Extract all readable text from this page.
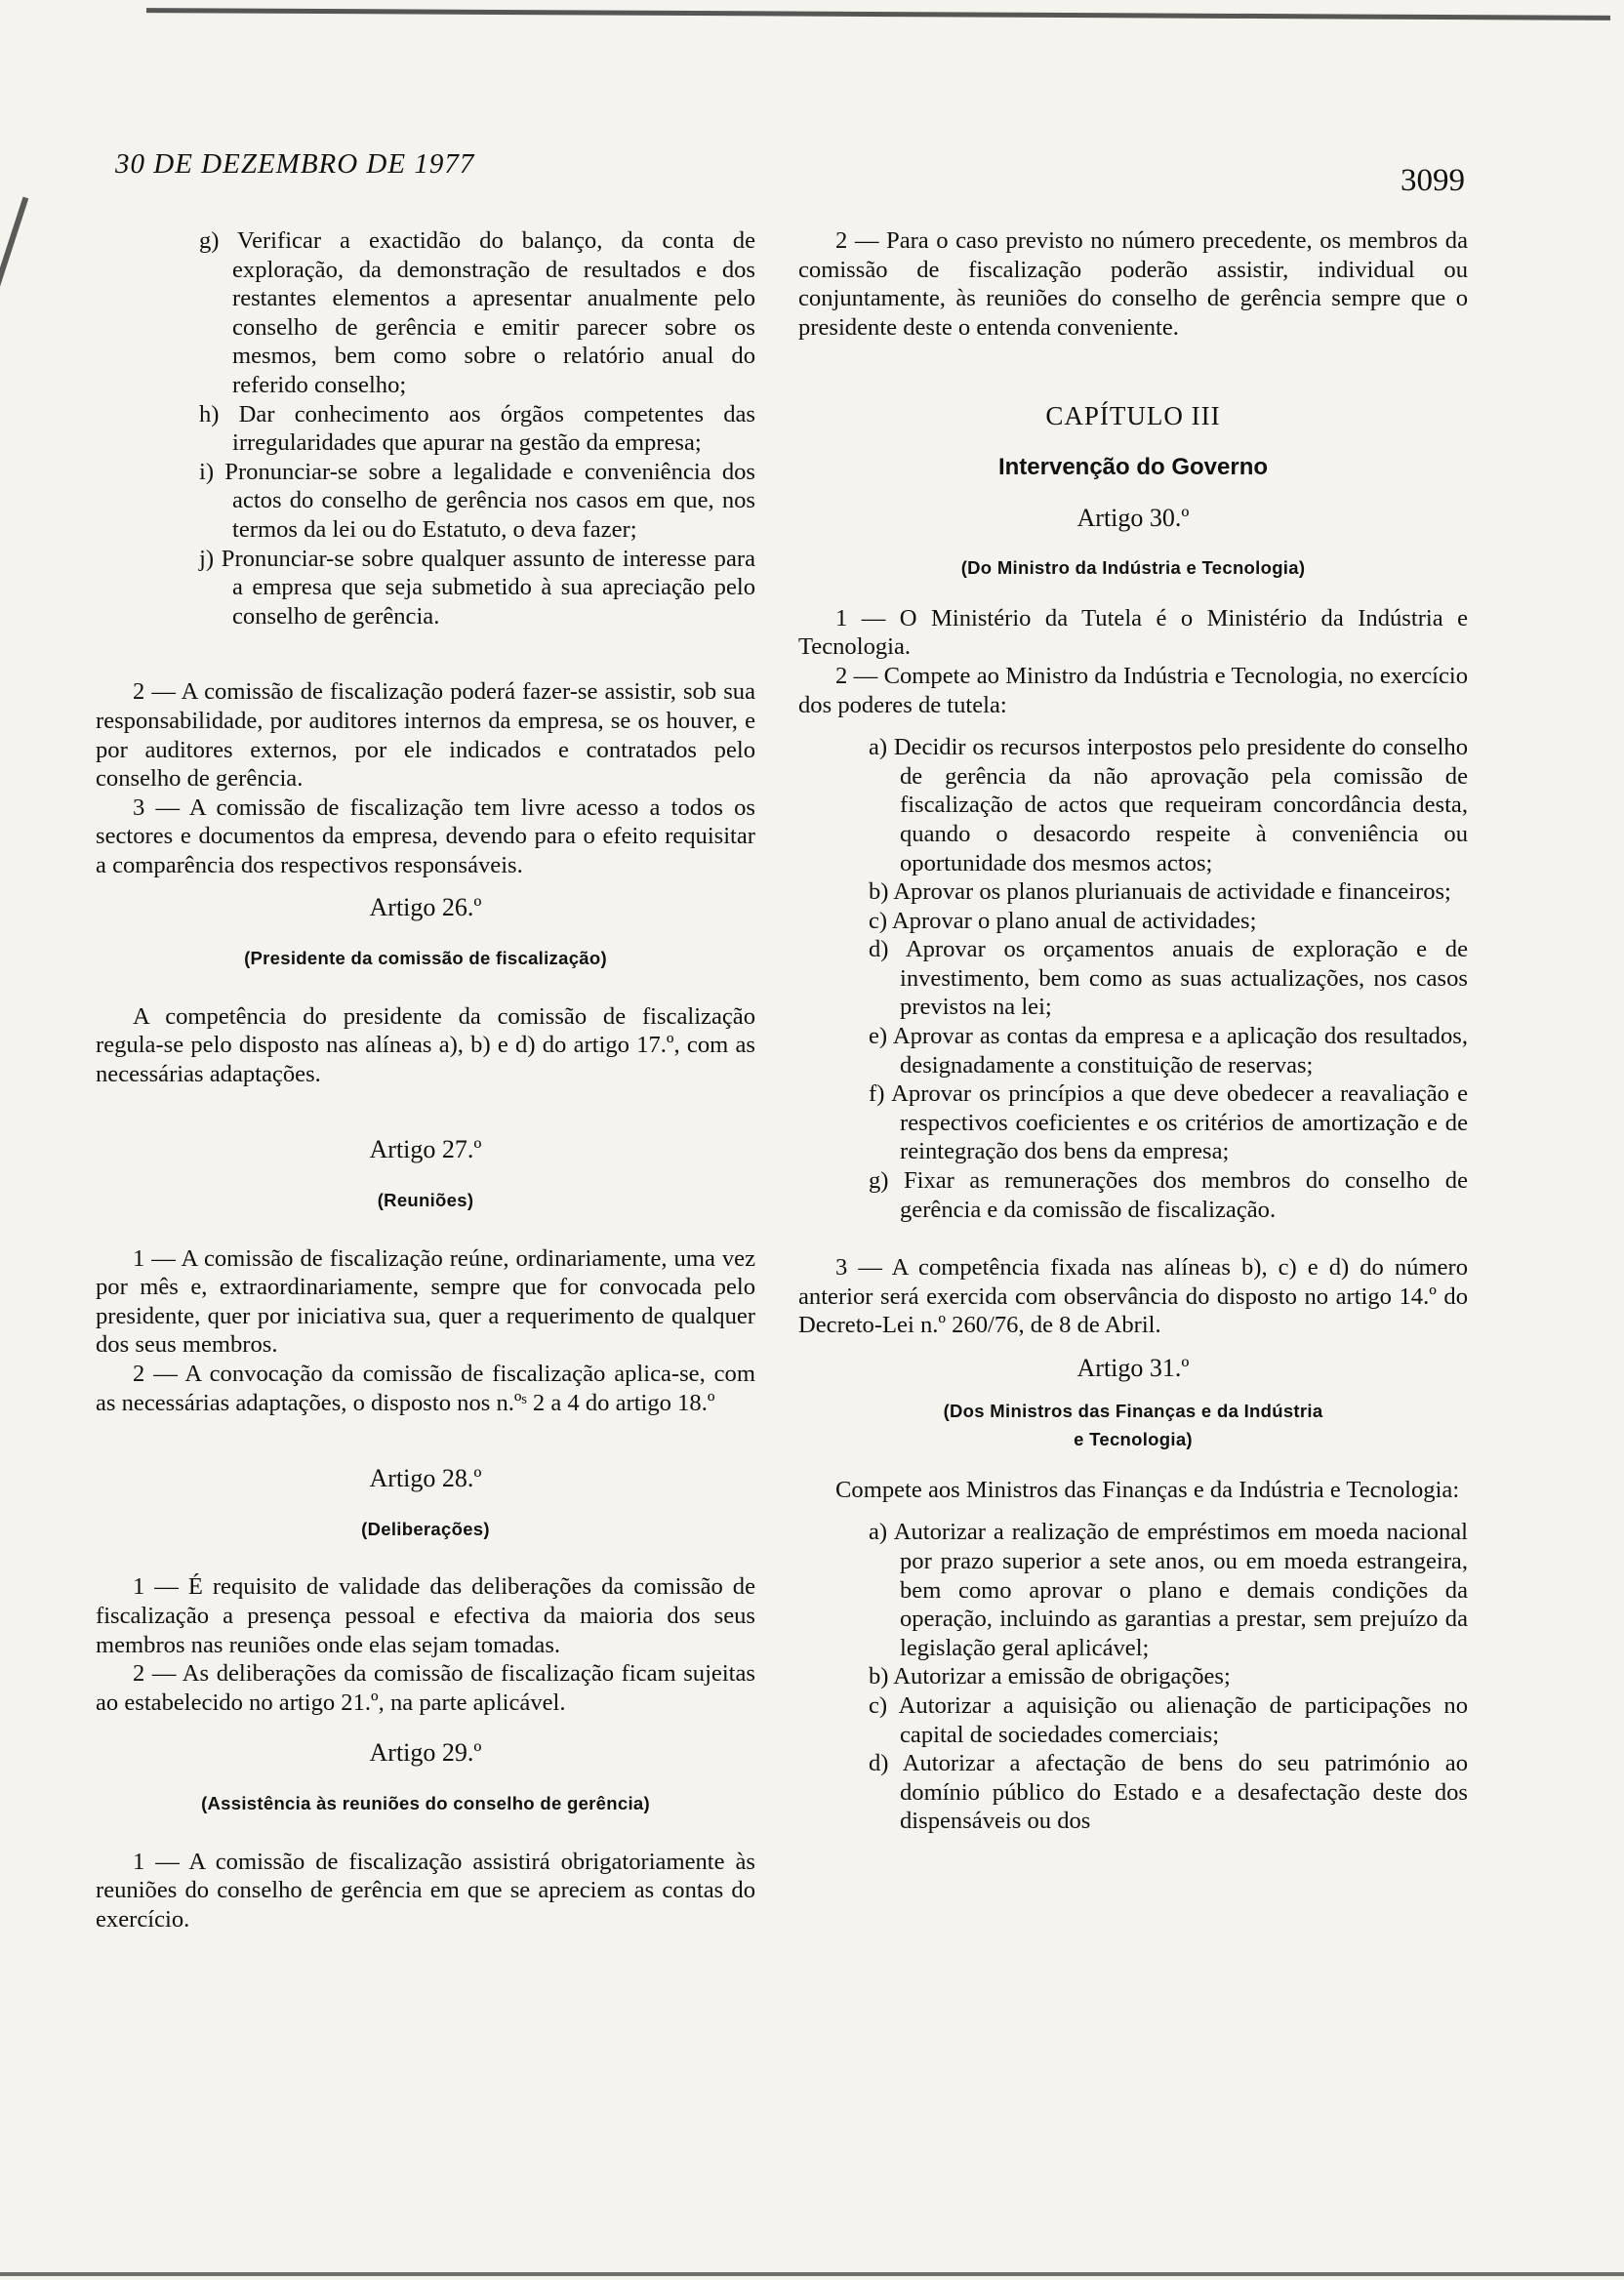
30 DE DEZEMBRO DE 1977	3099

g) Verificar a exactidão do balanço, da conta de exploração, da demonstração de resultados e dos restantes elementos a apresentar anualmente pelo conselho de gerência e emitir parecer sobre os mesmos, bem como sobre o relatório anual do referido conselho;

h) Dar conhecimento aos órgãos competentes das irregularidades que apurar na gestão da empresa;

i) Pronunciar-se sobre a legalidade e conveniência dos actos do conselho de gerência nos casos em que, nos termos da lei ou do Estatuto, o deva fazer;

j) Pronunciar-se sobre qualquer assunto de interesse para a empresa que seja submetido à sua apreciação pelo conselho de gerência.

2 — A comissão de fiscalização poderá fazer-se assistir, sob sua responsabilidade, por auditores internos da empresa, se os houver, e por auditores externos, por ele indicados e contratados pelo conselho de gerência.

3 — A comissão de fiscalização tem livre acesso a todos os sectores e documentos da empresa, devendo para o efeito requisitar a comparência dos respectivos responsáveis.

Artigo 26.º

(Presidente da comissão de fiscalização)

A competência do presidente da comissão de fiscalização regula-se pelo disposto nas alíneas a), b) e d) do artigo 17.º, com as necessárias adaptações.

Artigo 27.º

(Reuniões)

1 — A comissão de fiscalização reúne, ordinariamente, uma vez por mês e, extraordinariamente, sempre que for convocada pelo presidente, quer por iniciativa sua, quer a requerimento de qualquer dos seus membros.

2 — A convocação da comissão de fiscalização aplica-se, com as necessárias adaptações, o disposto nos n.ºˢ 2 a 4 do artigo 18.º

Artigo 28.º

(Deliberações)

1 — É requisito de validade das deliberações da comissão de fiscalização a presença pessoal e efectiva da maioria dos seus membros nas reuniões onde elas sejam tomadas.

2 — As deliberações da comissão de fiscalização ficam sujeitas ao estabelecido no artigo 21.º, na parte aplicável.

Artigo 29.º

(Assistência às reuniões do conselho de gerência)

1 — A comissão de fiscalização assistirá obrigatoriamente às reuniões do conselho de gerência em que se apreciem as contas do exercício.

2 — Para o caso previsto no número precedente, os membros da comissão de fiscalização poderão assistir, individual ou conjuntamente, às reuniões do conselho de gerência sempre que o presidente deste o entenda conveniente.

CAPÍTULO III

Intervenção do Governo

Artigo 30.º

(Do Ministro da Indústria e Tecnologia)

1 — O Ministério da Tutela é o Ministério da Indústria e Tecnologia.

2 — Compete ao Ministro da Indústria e Tecnologia, no exercício dos poderes de tutela:

a) Decidir os recursos interpostos pelo presidente do conselho de gerência da não aprovação pela comissão de fiscalização de actos que requeiram concordância desta, quando o desacordo respeite à conveniência ou oportunidade dos mesmos actos;

b) Aprovar os planos plurianuais de actividade e financeiros;

c) Aprovar o plano anual de actividades;

d) Aprovar os orçamentos anuais de exploração e de investimento, bem como as suas actualizações, nos casos previstos na lei;

e) Aprovar as contas da empresa e a aplicação dos resultados, designadamente a constituição de reservas;

f) Aprovar os princípios a que deve obedecer a reavaliação e respectivos coeficientes e os critérios de amortização e de reintegração dos bens da empresa;

g) Fixar as remunerações dos membros do conselho de gerência e da comissão de fiscalização.

3 — A competência fixada nas alíneas b), c) e d) do número anterior será exercida com observância do disposto no artigo 14.º do Decreto-Lei n.º 260/76, de 8 de Abril.

Artigo 31.º

(Dos Ministros das Finanças e da Indústria

e Tecnologia)

Compete aos Ministros das Finanças e da Indústria e Tecnologia:

a) Autorizar a realização de empréstimos em moeda nacional por prazo superior a sete anos, ou em moeda estrangeira, bem como aprovar o plano e demais condições da operação, incluindo as garantias a prestar, sem prejuízo da legislação geral aplicável;

b) Autorizar a emissão de obrigações;

c) Autorizar a aquisição ou alienação de participações no capital de sociedades comerciais;

d) Autorizar a afectação de bens do seu património ao domínio público do Estado e a desafectação deste dos dispensáveis ou dos
